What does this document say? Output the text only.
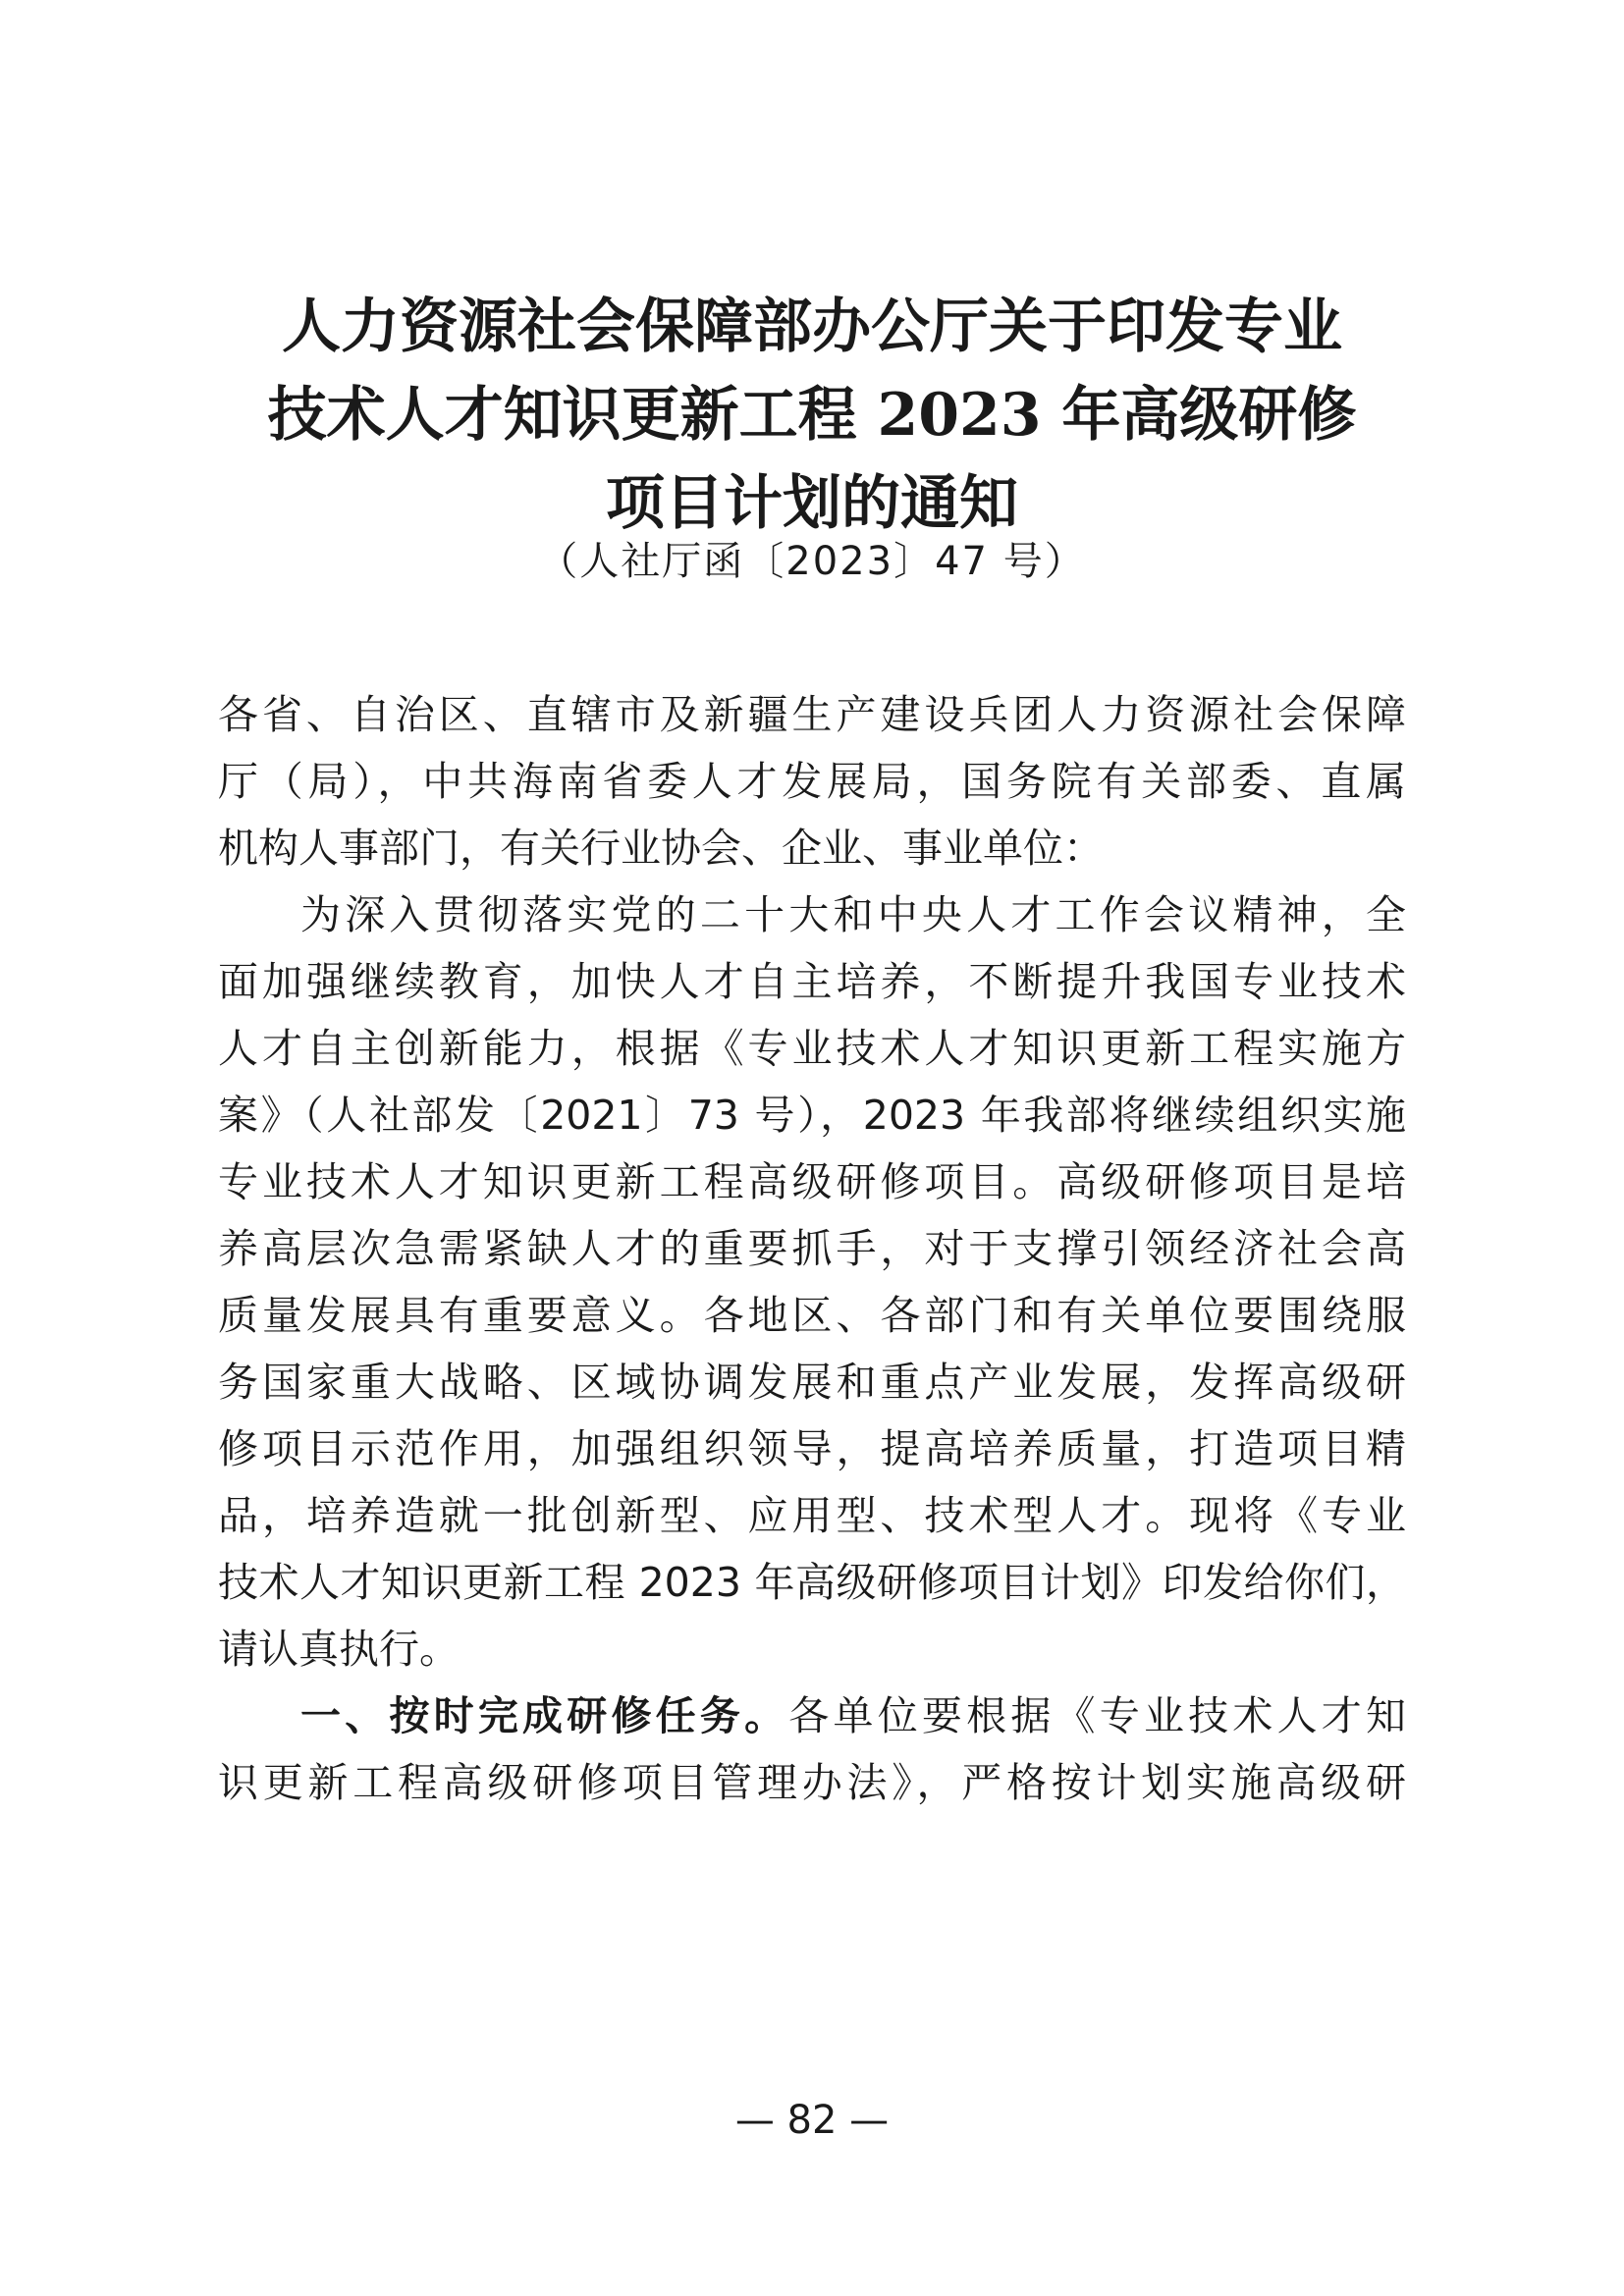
人力资源社会保障部办公厅关于印发专业
技术人才知识更新工程 2023 年高级研修
项目计划的通知
（人社厅函〔2023〕47 号）
各省、自治区、直辖市及新疆生产建设兵团人力资源社会保障
厅（局），中共海南省委人才发展局，国务院有关部委、直属
机构人事部门，有关行业协会、企业、事业单位：
为深入贯彻落实党的二十大和中央人才工作会议精神，全
面加强继续教育，加快人才自主培养，不断提升我国专业技术
人才自主创新能力，根据《专业技术人才知识更新工程实施方
案》（人社部发〔2021〕73 号），2023 年我部将继续组织实施
专业技术人才知识更新工程高级研修项目。高级研修项目是培
养高层次急需紧缺人才的重要抓手，对于支撑引领经济社会高
质量发展具有重要意义。各地区、各部门和有关单位要围绕服
务国家重大战略、区域协调发展和重点产业发展，发挥高级研
修项目示范作用，加强组织领导，提高培养质量，打造项目精
品，培养造就一批创新型、应用型、技术型人才。现将《专业
技术人才知识更新工程 2023 年高级研修项目计划》印发给你们，
请认真执行。
一、按时完成研修任务。各单位要根据《专业技术人才知
识更新工程高级研修项目管理办法》，严格按计划实施高级研
— 82 —
